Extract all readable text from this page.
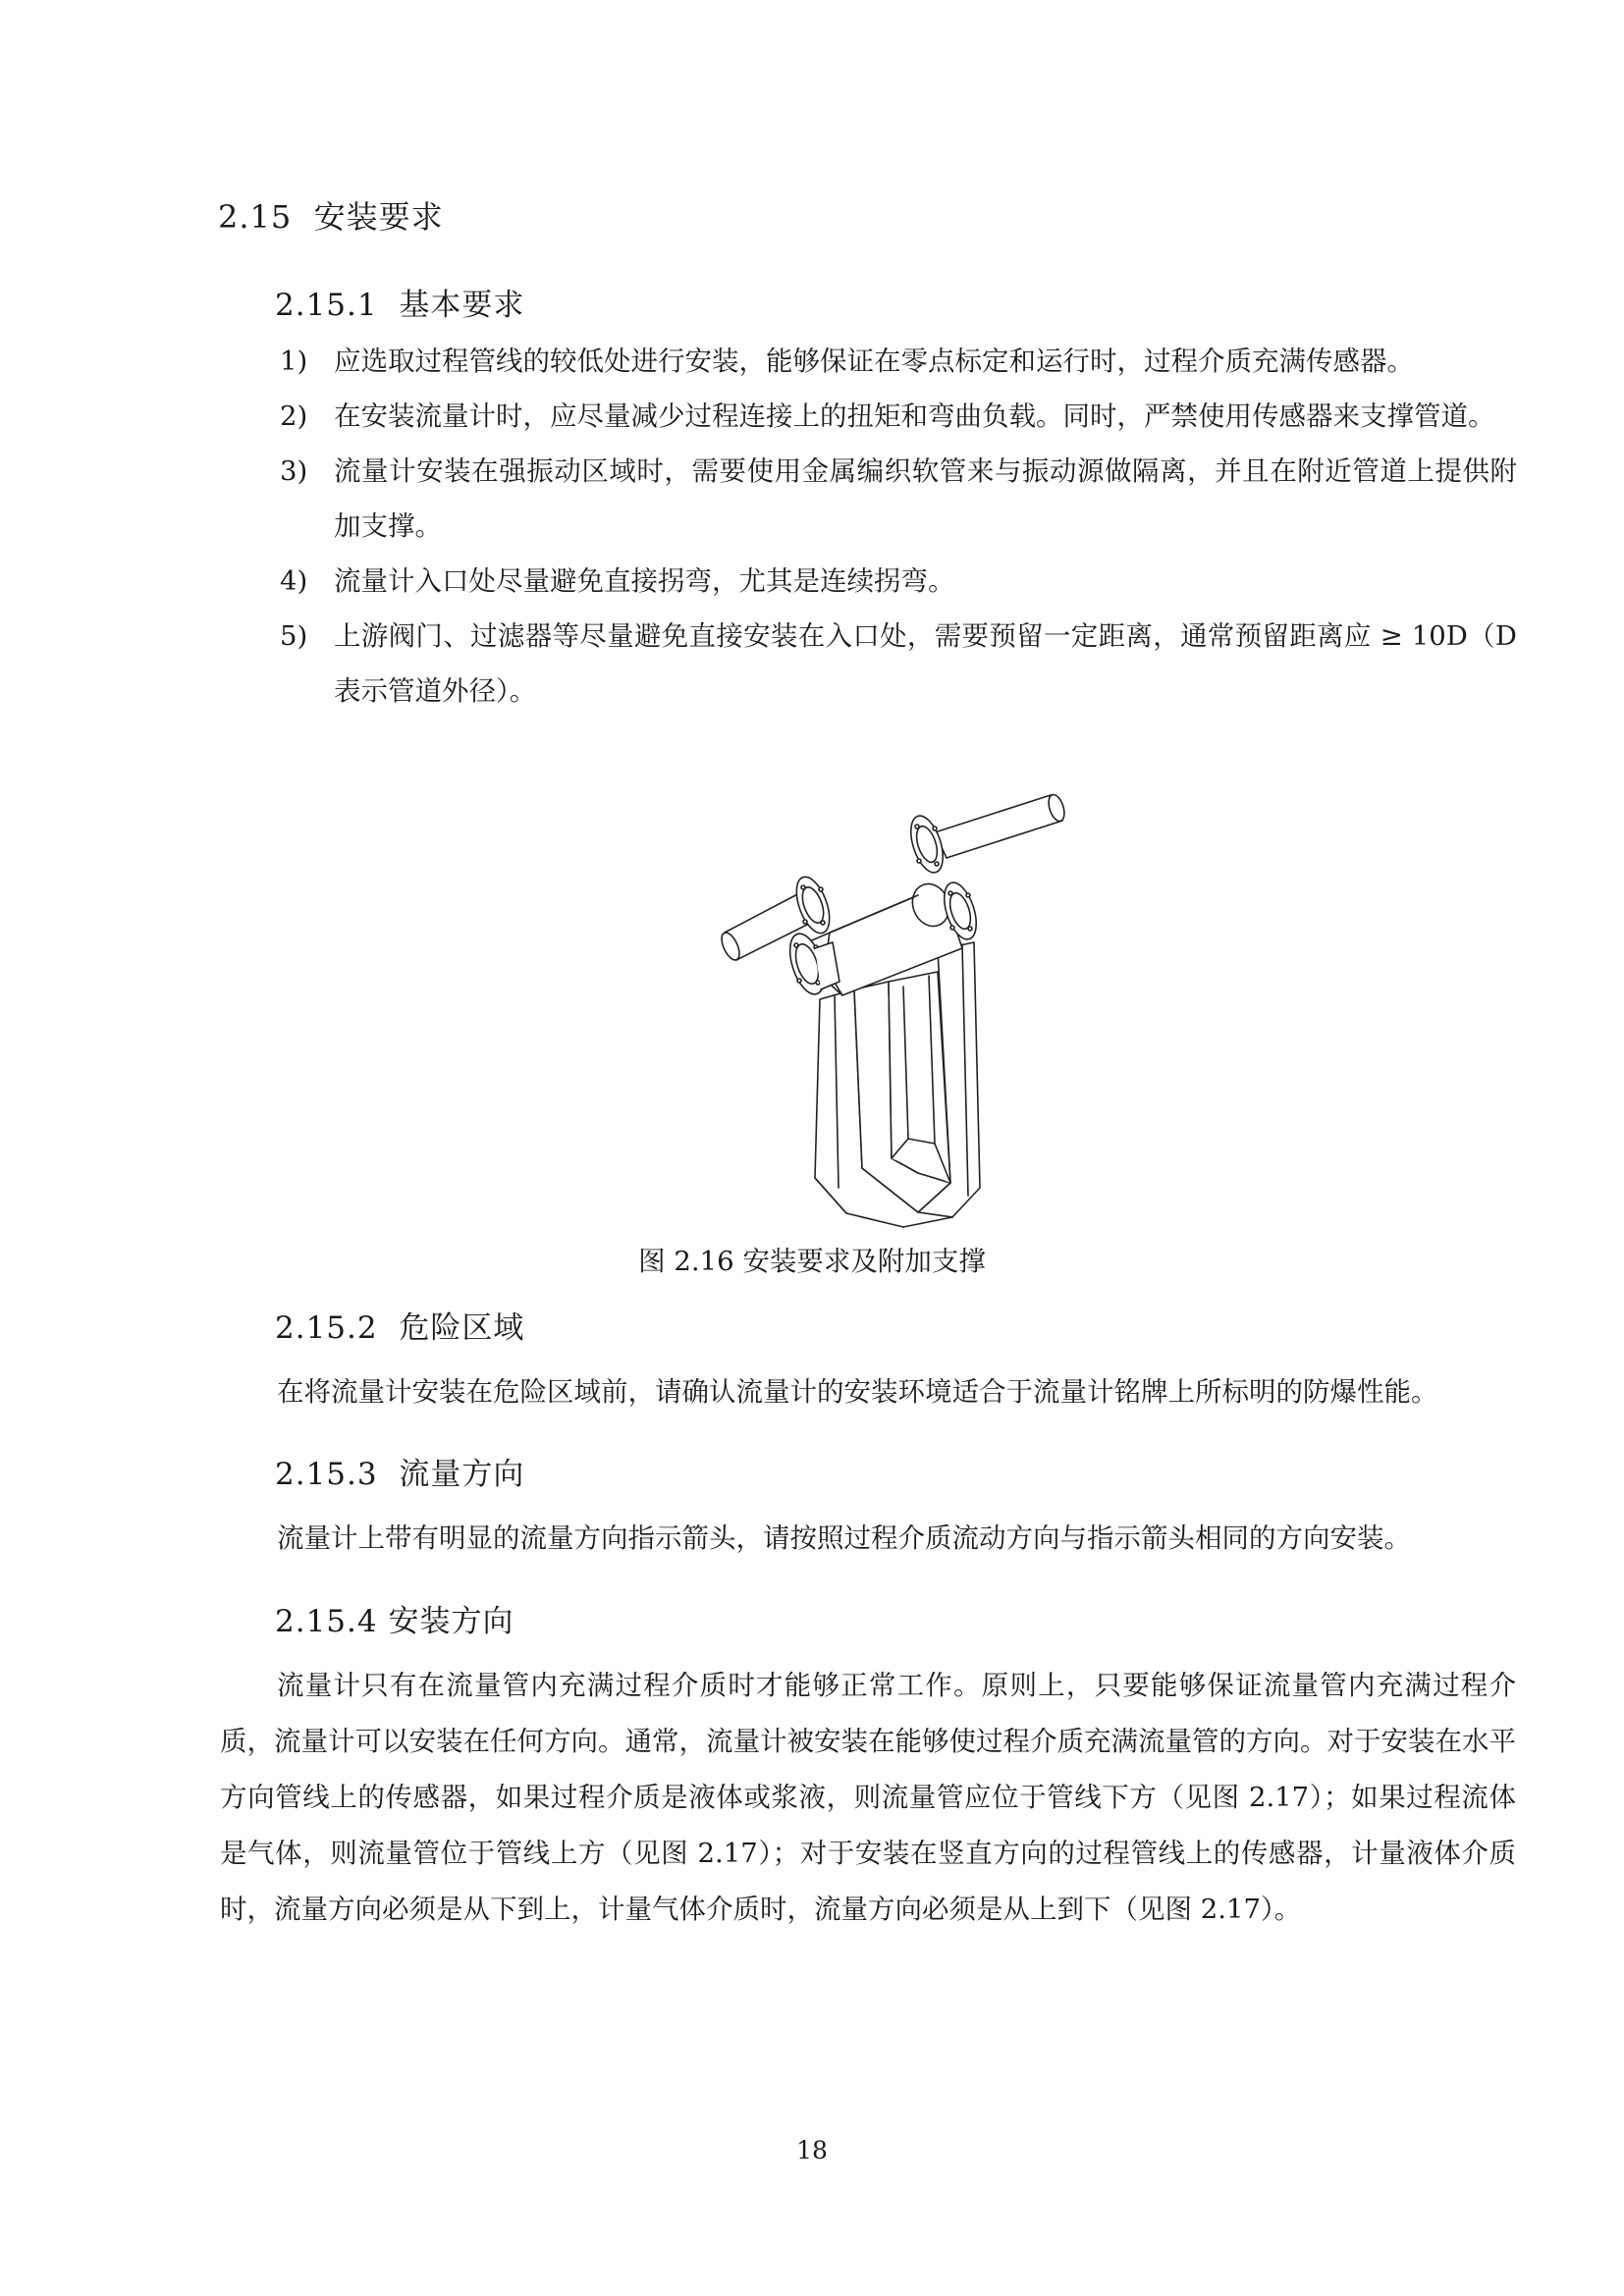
2.15 安装要求
2.15.1 基本要求
1) 应选取过程管线的较低处进行安装，能够保证在零点标定和运行时，过程介质充满传感器。
2) 在安装流量计时，应尽量减少过程连接上的扭矩和弯曲负载。同时，严禁使用传感器来支撑管道。
3) 流量计安装在强振动区域时，需要使用金属编织软管来与振动源做隔离，并且在附近管道上提供附加支撑。
4) 流量计入口处尽量避免直接拐弯，尤其是连续拐弯。
5) 上游阀门、过滤器等尽量避免直接安装在入口处，需要预留一定距离，通常预留距离应 ≥ 10D（D 表示管道外径）。
图 2.16 安装要求及附加支撑
2.15.2 危险区域

在将流量计安装在危险区域前，请确认流量计的安装环境适合于流量计铭牌上所标明的防爆性能。

2.15.3 流量方向

流量计上带有明显的流量方向指示箭头，请按照过程介质流动方向与指示箭头相同的方向安装。

2.15.4 安装方向

流量计只有在流量管内充满过程介质时才能够正常工作。原则上，只要能够保证流量管内充满过程介质，流量计可以安装在任何方向。通常，流量计被安装在能够使过程介质充满流量管的方向。对于安装在水平方向管线上的传感器，如果过程介质是液体或浆液，则流量管应位于管线下方（见图 2.17）；如果过程流体是气体，则流量管位于管线上方（见图 2.17）；对于安装在竖直方向的过程管线上的传感器，计量液体介质时，流量方向必须是从下到上，计量气体介质时，流量方向必须是从上到下（见图 2.17）。

18
